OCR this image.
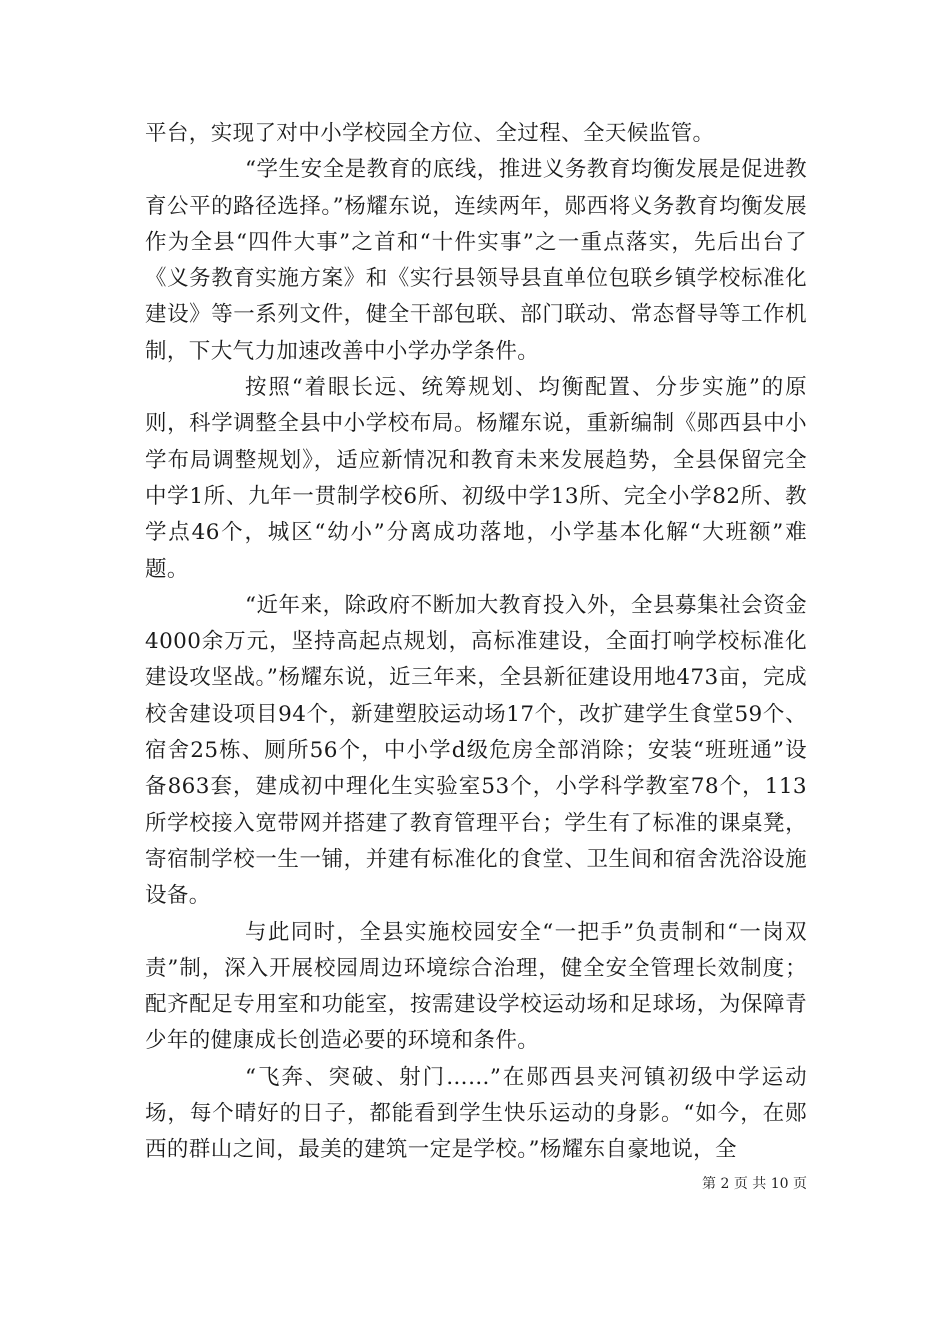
平台，实现了对中小学校园全方位、全过程、全天候监管。

“学生安全是教育的底线，推进义务教育均衡发展是促进教育公平的路径选择。”杨耀东说，连续两年，郧西将义务教育均衡发展作为全县“四件大事”之首和“十件实事”之一重点落实，先后出台了《义务教育实施方案》和《实行县领导县直单位包联乡镇学校标准化建设》等一系列文件，健全干部包联、部门联动、常态督导等工作机制，下大气力加速改善中小学办学条件。

按照“着眼长远、统筹规划、均衡配置、分步实施”的原则，科学调整全县中小学校布局。杨耀东说，重新编制《郧西县中小学布局调整规划》，适应新情况和教育未来发展趋势，全县保留完全中学1所、九年一贯制学校6所、初级中学13所、完全小学82所、教学点46个，城区“幼小”分离成功落地，小学基本化解“大班额”难题。

“近年来，除政府不断加大教育投入外，全县募集社会资金4000余万元，坚持高起点规划，高标准建设，全面打响学校标准化建设攻坚战。”杨耀东说，近三年来，全县新征建设用地473亩，完成校舍建设项目94个，新建塑胶运动场17个，改扩建学生食堂59个、宿舍25栋、厕所56个，中小学d级危房全部消除；安装“班班通”设备863套，建成初中理化生实验室53个，小学科学教室78个，113所学校接入宽带网并搭建了教育管理平台；学生有了标准的课桌凳，寄宿制学校一生一铺，并建有标准化的食堂、卫生间和宿舍洗浴设施设备。

与此同时，全县实施校园安全“一把手”负责制和“一岗双责”制，深入开展校园周边环境综合治理，健全安全管理长效制度；配齐配足专用室和功能室，按需建设学校运动场和足球场，为保障青少年的健康成长创造必要的环境和条件。

“飞奔、突破、射门……”在郧西县夹河镇初级中学运动场，每个晴好的日子，都能看到学生快乐运动的身影。“如今，在郧西的群山之间，最美的建筑一定是学校。”杨耀东自豪地说，全

第 2 页 共 10 页
